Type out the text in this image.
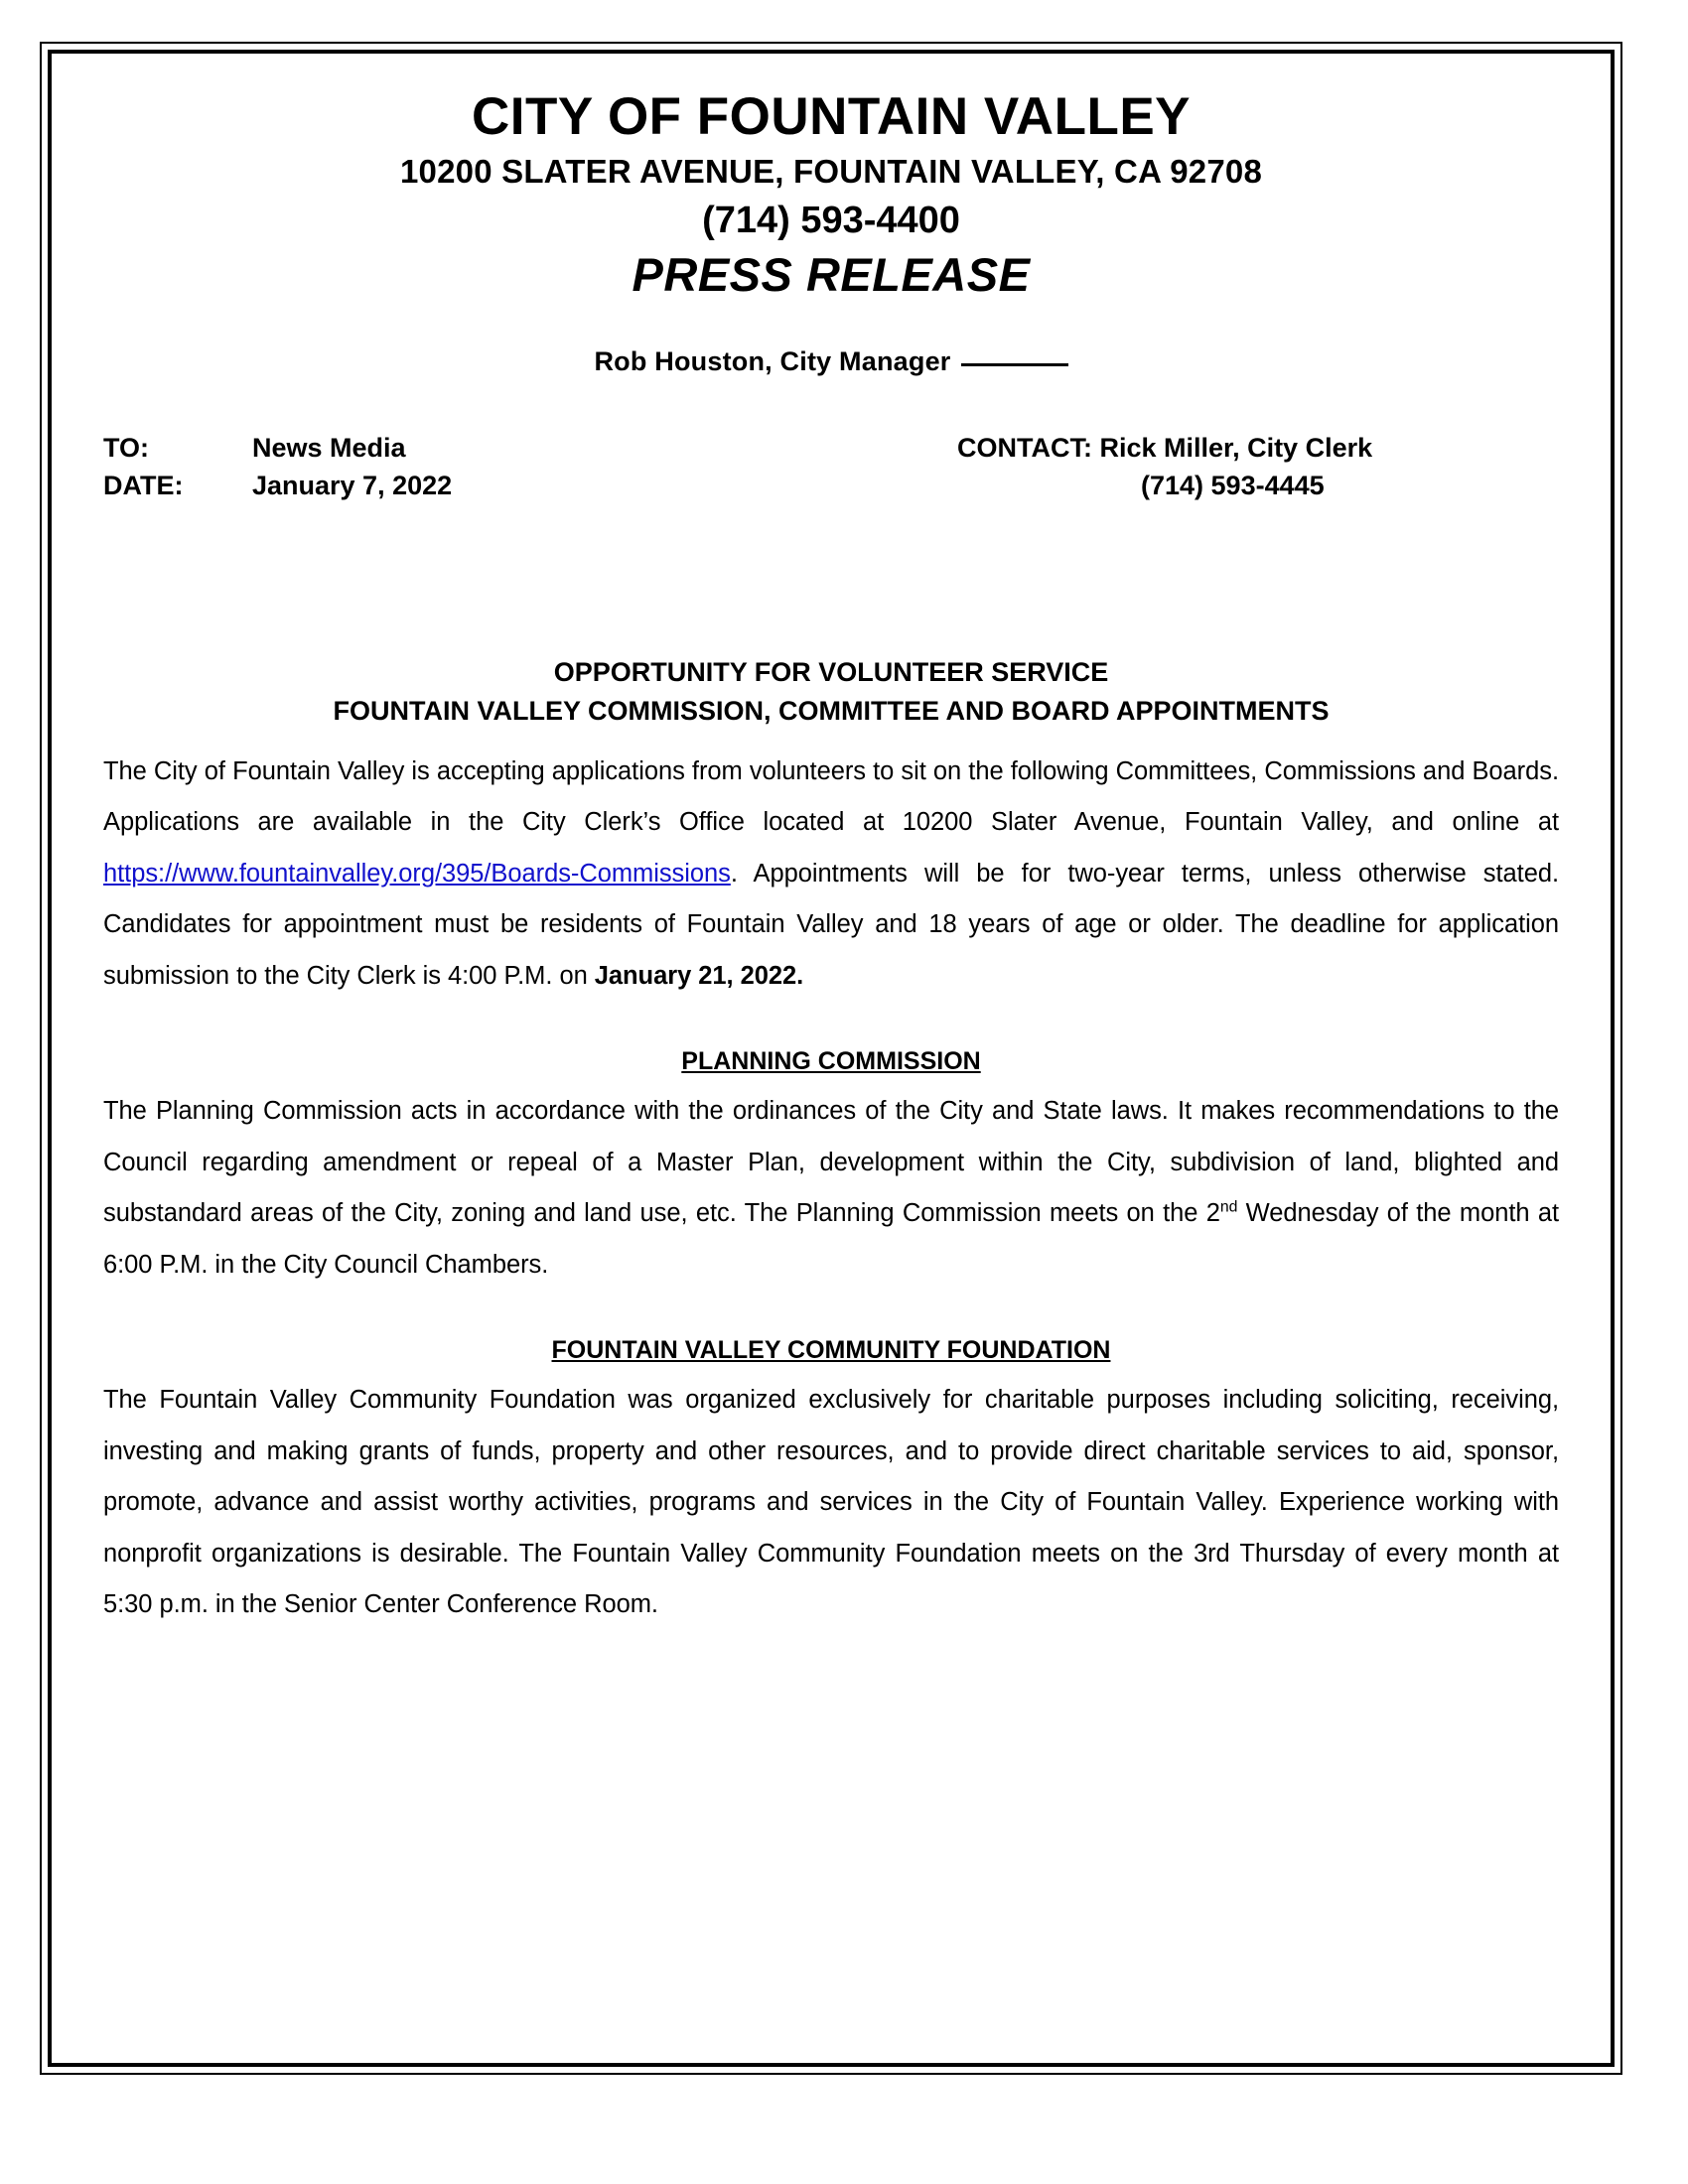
CITY OF FOUNTAIN VALLEY
10200 SLATER AVENUE, FOUNTAIN VALLEY, CA 92708
(714) 593-4400
PRESS RELEASE
Rob Houston, City Manager
TO:	News Media
DATE:	January 7, 2022
CONTACT: Rick Miller, City Clerk
(714) 593-4445
OPPORTUNITY FOR VOLUNTEER SERVICE
FOUNTAIN VALLEY COMMISSION, COMMITTEE AND BOARD APPOINTMENTS

The City of Fountain Valley is accepting applications from volunteers to sit on the following Committees, Commissions and Boards. Applications are available in the City Clerk’s Office located at 10200 Slater Avenue, Fountain Valley, and online at https://www.fountainvalley.org/395/Boards-Commissions. Appointments will be for two-year terms, unless otherwise stated. Candidates for appointment must be residents of Fountain Valley and 18 years of age or older. The deadline for application submission to the City Clerk is 4:00 P.M. on January 21, 2022.

PLANNING COMMISSION

The Planning Commission acts in accordance with the ordinances of the City and State laws. It makes recommendations to the Council regarding amendment or repeal of a Master Plan, development within the City, subdivision of land, blighted and substandard areas of the City, zoning and land use, etc. The Planning Commission meets on the 2nd Wednesday of the month at 6:00 P.M. in the City Council Chambers.

FOUNTAIN VALLEY COMMUNITY FOUNDATION

The Fountain Valley Community Foundation was organized exclusively for charitable purposes including soliciting, receiving, investing and making grants of funds, property and other resources, and to provide direct charitable services to aid, sponsor, promote, advance and assist worthy activities, programs and services in the City of Fountain Valley. Experience working with nonprofit organizations is desirable. The Fountain Valley Community Foundation meets on the 3rd Thursday of every month at 5:30 p.m. in the Senior Center Conference Room.
